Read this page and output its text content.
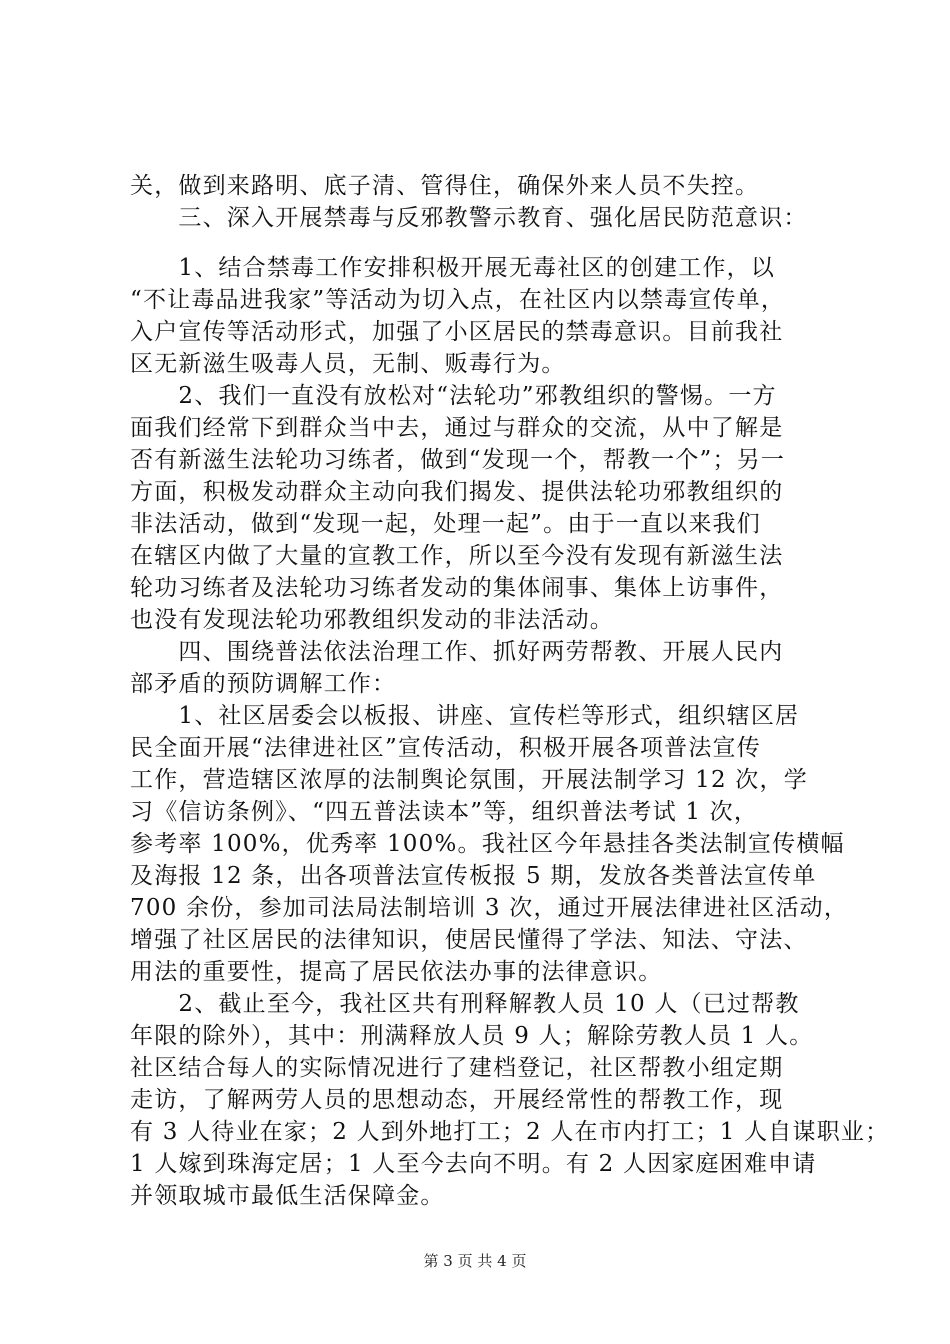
关，做到来路明、底子清、管得住，确保外来人员不失控。
　　三、深入开展禁毒与反邪教警示教育、强化居民防范意识：
　　1、结合禁毒工作安排积极开展无毒社区的创建工作，以
“不让毒品进我家”等活动为切入点，在社区内以禁毒宣传单，
入户宣传等活动形式，加强了小区居民的禁毒意识。目前我社
区无新滋生吸毒人员，无制、贩毒行为。
　　2、我们一直没有放松对“法轮功”邪教组织的警惕。一方
面我们经常下到群众当中去，通过与群众的交流，从中了解是
否有新滋生法轮功习练者，做到“发现一个，帮教一个”；另一
方面，积极发动群众主动向我们揭发、提供法轮功邪教组织的
非法活动，做到“发现一起，处理一起”。由于一直以来我们
在辖区内做了大量的宣教工作，所以至今没有发现有新滋生法
轮功习练者及法轮功习练者发动的集体闹事、集体上访事件，
也没有发现法轮功邪教组织发动的非法活动。
　　四、围绕普法依法治理工作、抓好两劳帮教、开展人民内
部矛盾的预防调解工作：
　　1、社区居委会以板报、讲座、宣传栏等形式，组织辖区居
民全面开展“法律进社区”宣传活动，积极开展各项普法宣传
工作，营造辖区浓厚的法制舆论氛围，开展法制学习 12 次，学
习《信访条例》、“四五普法读本”等，组织普法考试 1 次，
参考率 100%，优秀率 100%。我社区今年悬挂各类法制宣传横幅
及海报 12 条，出各项普法宣传板报 5 期，发放各类普法宣传单
700 余份，参加司法局法制培训 3 次，通过开展法律进社区活动，
增强了社区居民的法律知识，使居民懂得了学法、知法、守法、
用法的重要性，提高了居民依法办事的法律意识。
　　2、截止至今，我社区共有刑释解教人员 10 人（已过帮教
年限的除外），其中：刑满释放人员 9 人；解除劳教人员 1 人。
社区结合每人的实际情况进行了建档登记，社区帮教小组定期
走访，了解两劳人员的思想动态，开展经常性的帮教工作，现
有 3 人待业在家；2 人到外地打工；2 人在市内打工；1 人自谋职业；
1 人嫁到珠海定居；1 人至今去向不明。有 2 人因家庭困难申请
并领取城市最低生活保障金。
第 3 页 共 4 页
